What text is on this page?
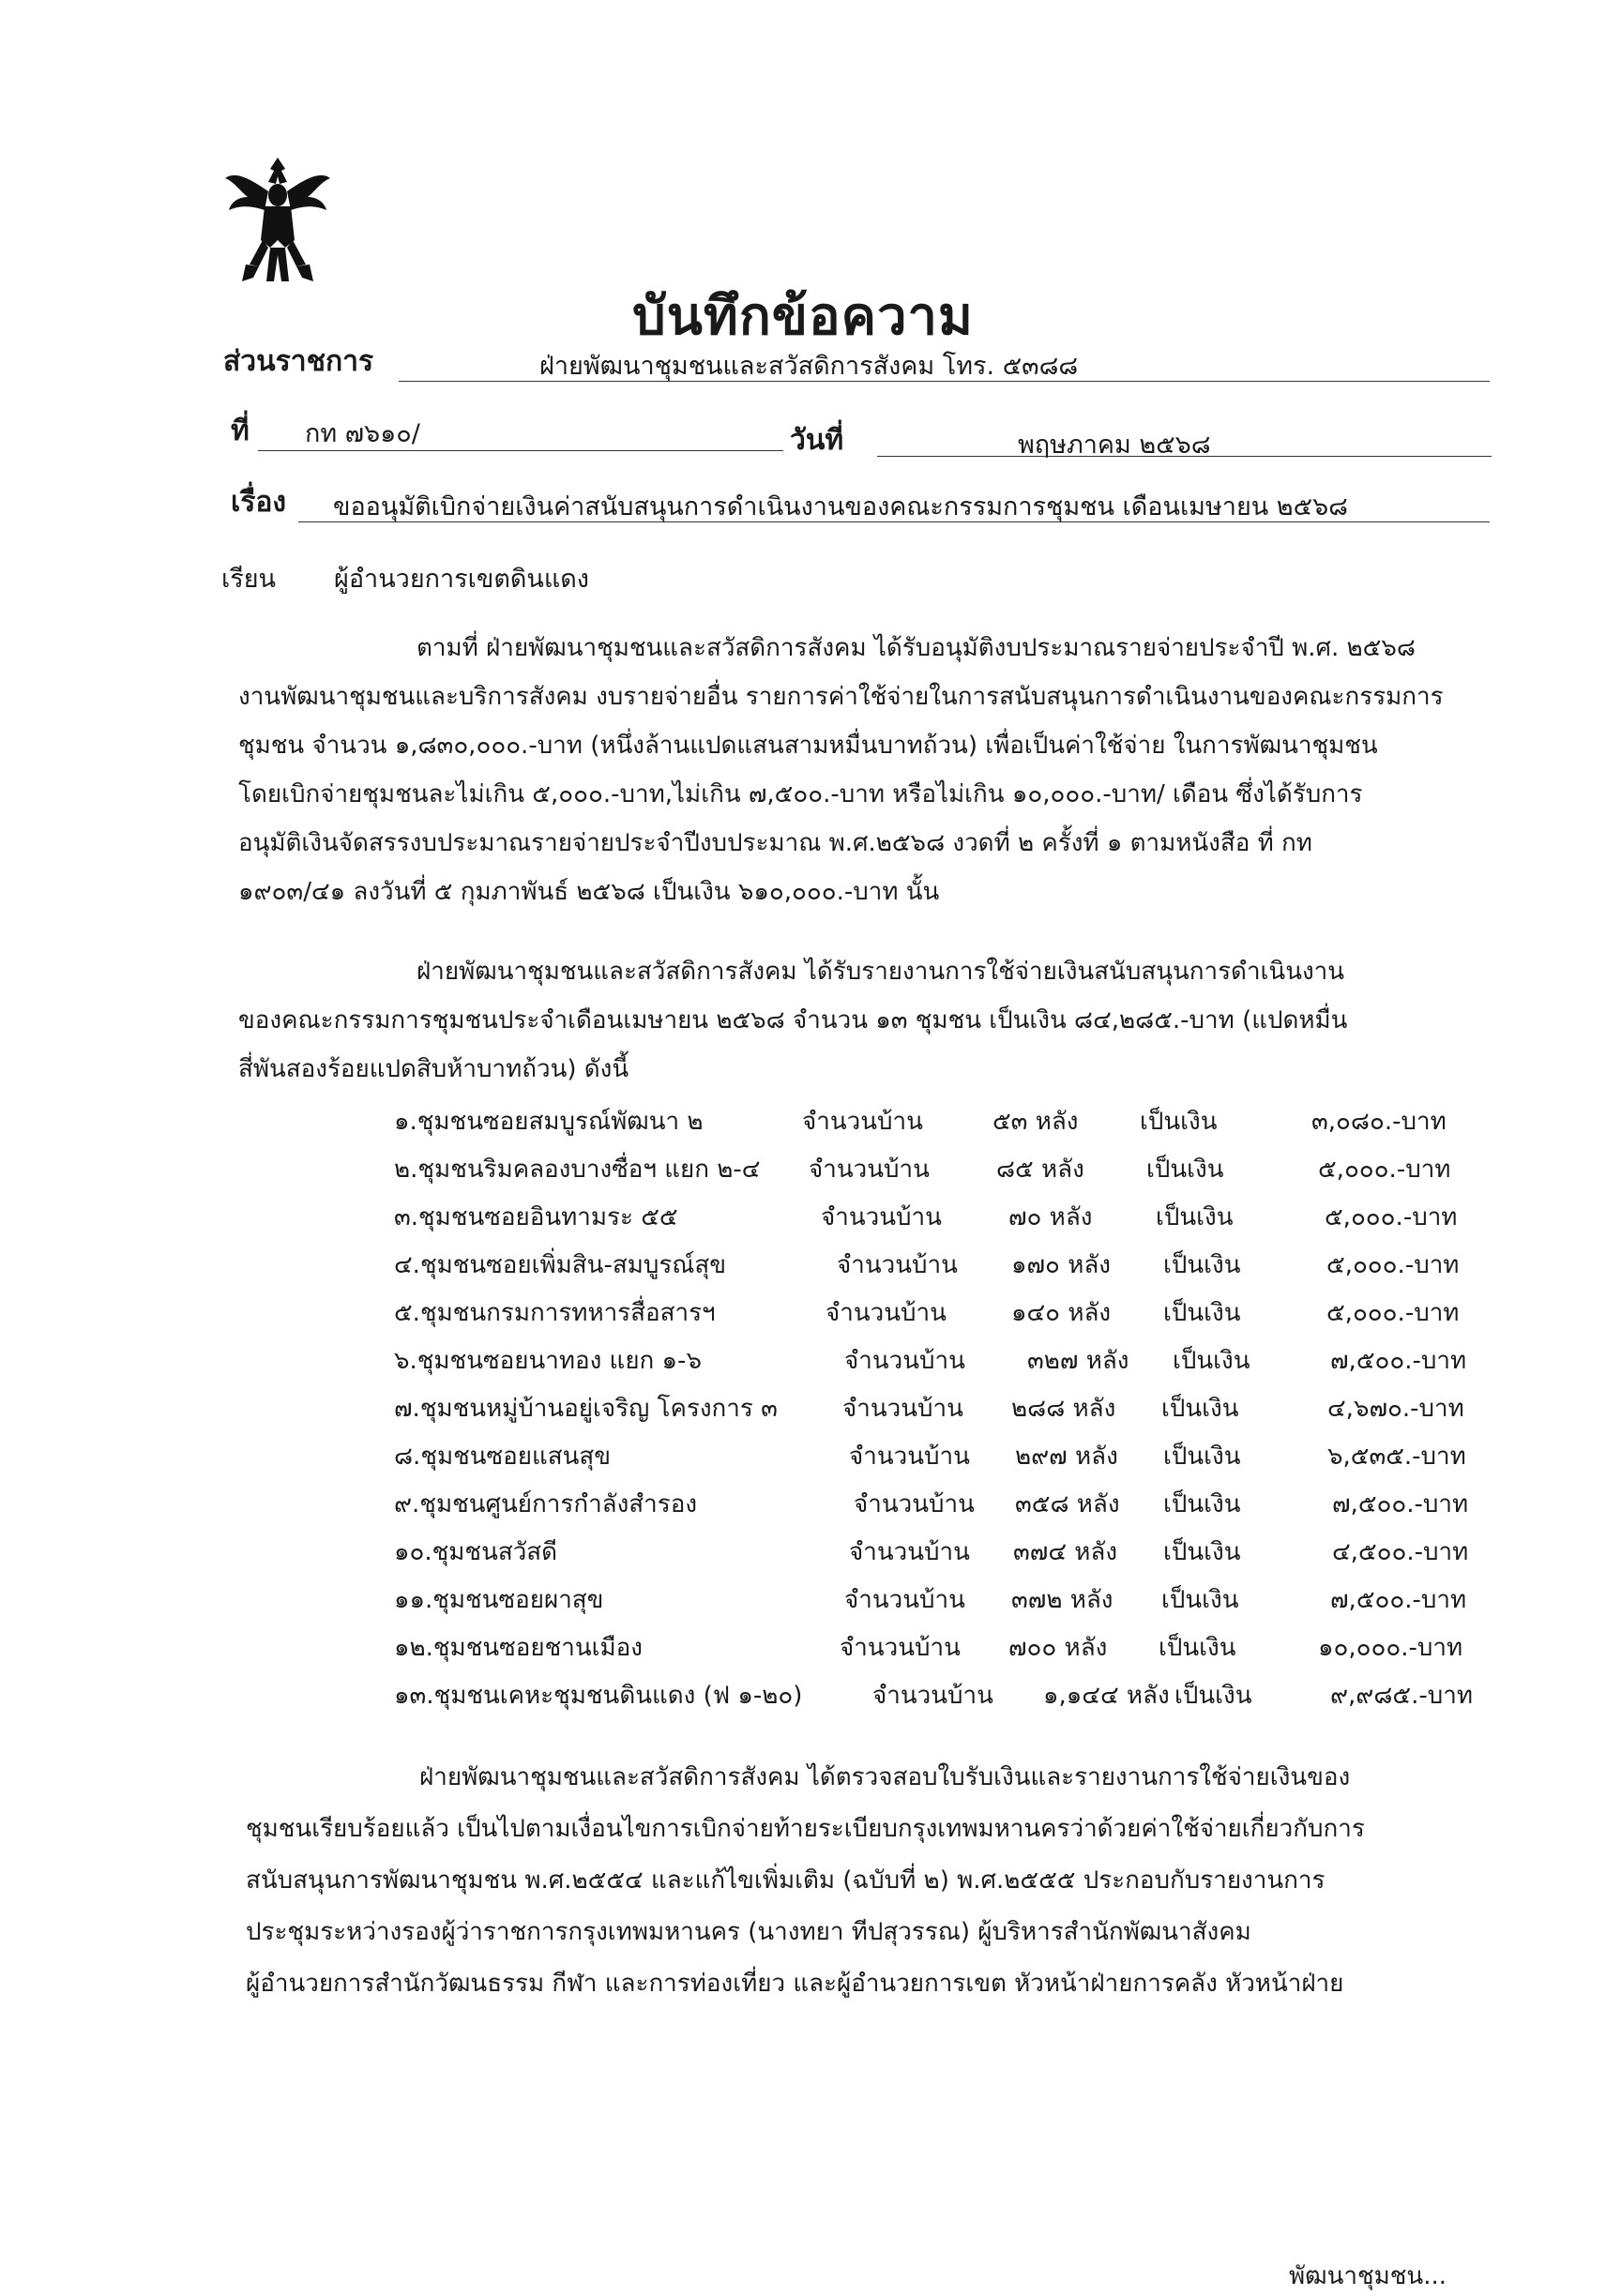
บันทึกข้อความ
ส่วนราชการ	ฝ่ายพัฒนาชุมชนและสวัสดิการสังคม โทร. ๕๓๘๘
ที่ กท ๗๖๑๐/	วันที่	พฤษภาคม ๒๕๖๘
เรื่อง ขออนุมัติเบิกจ่ายเงินค่าสนับสนุนการดำเนินงานของคณะกรรมการชุมชน เดือนเมษายน ๒๕๖๘
เรียน ผู้อำนวยการเขตดินแดง
ตามที่ ฝ่ายพัฒนาชุมชนและสวัสดิการสังคม ได้รับอนุมัติงบประมาณรายจ่ายประจำปี พ.ศ. ๒๕๖๘
งานพัฒนาชุมชนและบริการสังคม งบรายจ่ายอื่น รายการค่าใช้จ่ายในการสนับสนุนการดำเนินงานของคณะกรรมการ
ชุมชน จำนวน ๑,๘๓๐,๐๐๐.-บาท (หนึ่งล้านแปดแสนสามหมื่นบาทถ้วน) เพื่อเป็นค่าใช้จ่าย ในการพัฒนาชุมชน
โดยเบิกจ่ายชุมชนละไม่เกิน ๕,๐๐๐.-บาท,ไม่เกิน ๗,๕๐๐.-บาท หรือไม่เกิน ๑๐,๐๐๐.-บาท/ เดือน ซึ่งได้รับการ
อนุมัติเงินจัดสรรงบประมาณรายจ่ายประจำปีงบประมาณ พ.ศ.๒๕๖๘ งวดที่ ๒ ครั้งที่ ๑ ตามหนังสือ ที่ กท
๑๙๐๓/๔๑ ลงวันที่ ๕ กุมภาพันธ์ ๒๕๖๘ เป็นเงิน ๖๑๐,๐๐๐.-บาท นั้น
ฝ่ายพัฒนาชุมชนและสวัสดิการสังคม ได้รับรายงานการใช้จ่ายเงินสนับสนุนการดำเนินงาน
ของคณะกรรมการชุมชนประจำเดือนเมษายน ๒๕๖๘ จำนวน ๑๓ ชุมชน เป็นเงิน ๘๔,๒๘๕.-บาท (แปดหมื่น
สี่พันสองร้อยแปดสิบห้าบาทถ้วน) ดังนี้
๑.ชุมชนซอยสมบูรณ์พัฒนา ๒	จำนวนบ้าน	๕๓ หลัง	เป็นเงิน	๓,๐๘๐.-บาท
๒.ชุมชนริมคลองบางซื่อฯ แยก ๒-๔ จำนวนบ้าน	๘๕ หลัง	เป็นเงิน	๕,๐๐๐.-บาท
๓.ชุมชนซอยอินทามระ ๕๕	จำนวนบ้าน	๗๐ หลัง	เป็นเงิน	๕,๐๐๐.-บาท
๔.ชุมชนซอยเพิ่มสิน-สมบูรณ์สุข	จำนวนบ้าน ๑๗๐ หลัง เป็นเงิน	๕,๐๐๐.-บาท
๕.ชุมชนกรมการทหารสื่อสารฯ	จำนวนบ้าน	๑๔๐ หลัง เป็นเงิน	๕,๐๐๐.-บาท
๖.ชุมชนซอยนาทอง แยก ๑-๖	จำนวนบ้าน	๓๒๗ หลัง เป็นเงิน	๗,๕๐๐.-บาท
๗.ชุมชนหมู่บ้านอยู่เจริญ โครงการ ๓	จำนวนบ้าน ๒๘๘ หลัง เป็นเงิน	๔,๖๗๐.-บาท
๘.ชุมชนซอยแสนสุข	จำนวนบ้าน ๒๙๗ หลัง เป็นเงิน	๖,๕๓๕.-บาท
๙.ชุมชนศูนย์การกำลังสำรอง	จำนวนบ้าน ๓๕๘ หลัง เป็นเงิน	๗,๕๐๐.-บาท
๑๐.ชุมชนสวัสดี	จำนวนบ้าน ๓๗๔ หลัง เป็นเงิน	๔,๕๐๐.-บาท
๑๑.ชุมชนซอยผาสุข	จำนวนบ้าน ๓๗๒ หลัง เป็นเงิน	๗,๕๐๐.-บาท
๑๒.ชุมชนซอยชานเมือง	จำนวนบ้าน ๗๐๐ หลัง เป็นเงิน	๑๐,๐๐๐.-บาท
๑๓.ชุมชนเคหะชุมชนดินแดง (ฟ ๑-๒๐)	จำนวนบ้าน ๑,๑๔๔ หลัง เป็นเงิน	๙,๙๘๕.-บาท
ฝ่ายพัฒนาชุมชนและสวัสดิการสังคม ได้ตรวจสอบใบรับเงินและรายงานการใช้จ่ายเงินของ
ชุมชนเรียบร้อยแล้ว เป็นไปตามเงื่อนไขการเบิกจ่ายท้ายระเบียบกรุงเทพมหานครว่าด้วยค่าใช้จ่ายเกี่ยวกับการ
สนับสนุนการพัฒนาชุมชน พ.ศ.๒๕๕๔ และแก้ไขเพิ่มเติม (ฉบับที่ ๒) พ.ศ.๒๕๕๕ ประกอบกับรายงานการ
ประชุมระหว่างรองผู้ว่าราชการกรุงเทพมหานคร (นางทยา ทีปสุวรรณ) ผู้บริหารสำนักพัฒนาสังคม
ผู้อำนวยการสำนักวัฒนธรรม กีฬา และการท่องเที่ยว และผู้อำนวยการเขต หัวหน้าฝ่ายการคลัง หัวหน้าฝ่าย
พัฒนาชุมชน...
